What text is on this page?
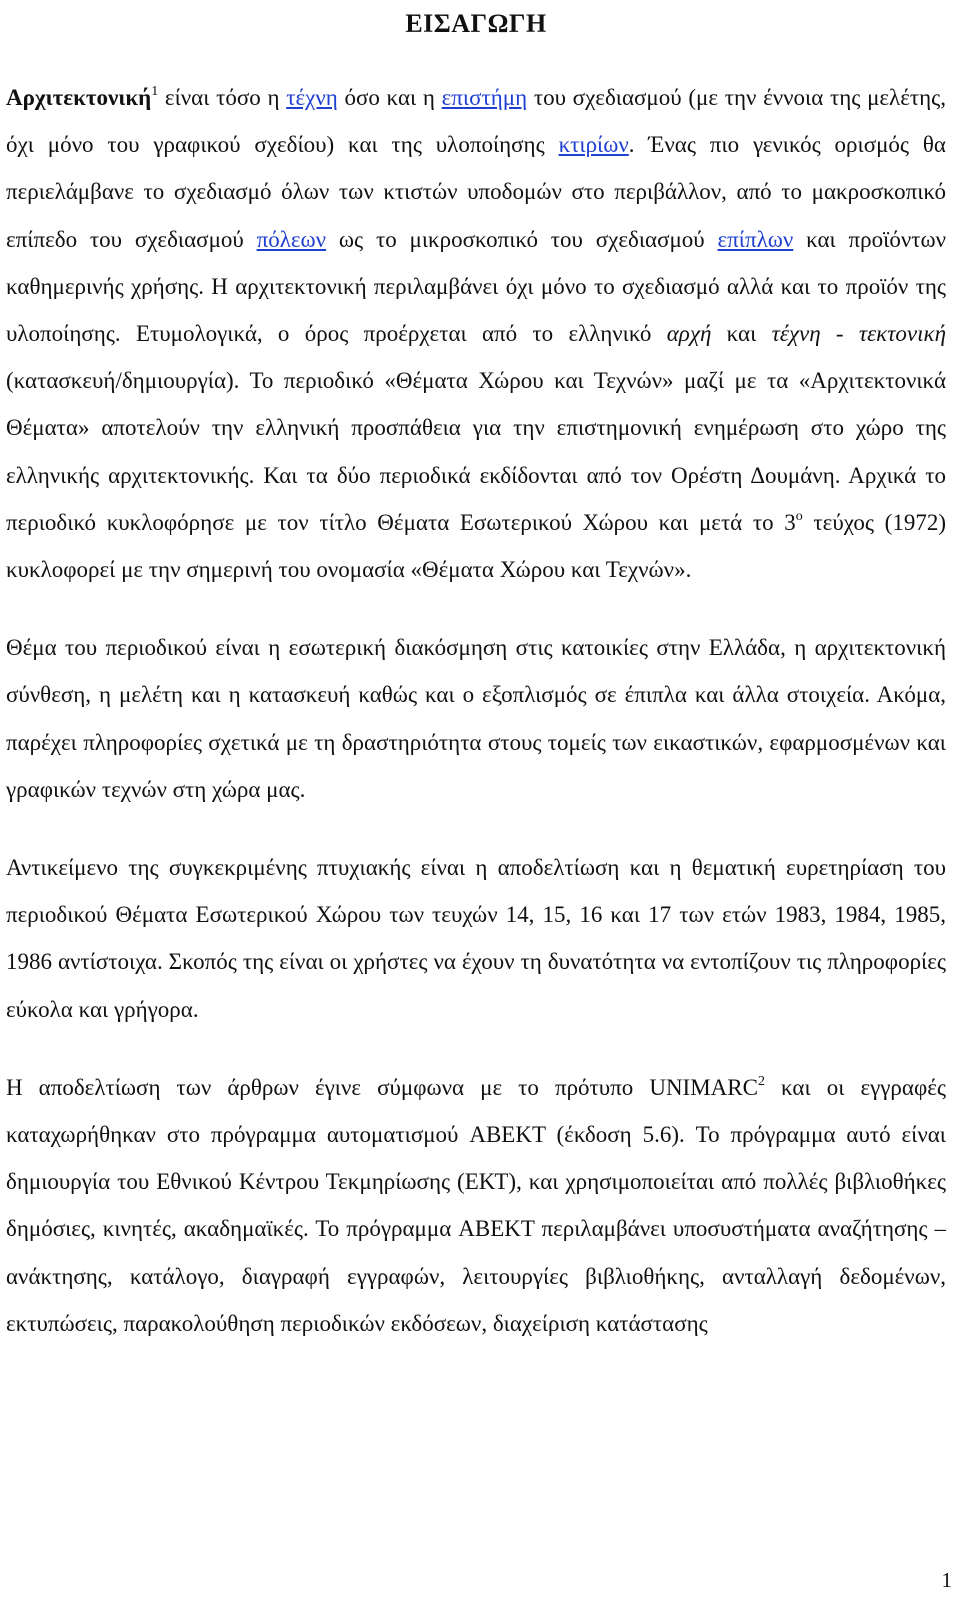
ΕΙΣΑΓΩΓΗ

Αρχιτεκτονική$^1$ είναι τόσο η τέχνη όσο και η επιστήμη του σχεδιασμού (με την έννοια της μελέτης, όχι μόνο του γραφικού σχεδίου) και της υλοποίησης κτιρίων. Ένας πιο γενικός ορισμός θα περιελάμβανε το σχεδιασμό όλων των κτιστών υποδομών στο περιβάλλον, από το μακροσκοπικό επίπεδο του σχεδιασμού πόλεων ως το μικροσκοπικό του σχεδιασμού επίπλων και προϊόντων καθημερινής χρήσης. Η αρχιτεκτονική περιλαμβάνει όχι μόνο το σχεδιασμό αλλά και το προϊόν της υλοποίησης. Ετυμολογικά, ο όρος προέρχεται από το ελληνικό αρχή και τέχνη - τεκτονική (κατασκευή/δημιουργία). Το περιοδικό «Θέματα Χώρου και Τεχνών» μαζί με τα «Αρχιτεκτονικά Θέματα» αποτελούν την ελληνική προσπάθεια για την επιστημονική ενημέρωση στο χώρο της ελληνικής αρχιτεκτονικής. Και τα δύο περιοδικά εκδίδονται από τον Ορέστη Δουμάνη. Αρχικά το περιοδικό κυκλοφόρησε με τον τίτλο Θέματα Εσωτερικού Χώρου και μετά το $3^o$ τεύχος (1972) κυκλοφορεί με την σημερινή του ονομασία «Θέματα Χώρου και Τεχνών».

Θέμα του περιοδικού είναι η εσωτερική διακόσμηση στις κατοικίες στην Ελλάδα, η αρχιτεκτονική σύνθεση, η μελέτη και η κατασκευή καθώς και ο εξοπλισμός σε έπιπλα και άλλα στοιχεία. Ακόμα, παρέχει πληροφορίες σχετικά με τη δραστηριότητα στους τομείς των εικαστικών, εφαρμοσμένων και γραφικών τεχνών στη χώρα μας.

Αντικείμενο της συγκεκριμένης πτυχιακής είναι η αποδελτίωση και η θεματική ευρετηρίαση του περιοδικού Θέματα Εσωτερικού Χώρου των τευχών 14, 15, 16 και 17 των ετών 1983, 1984, 1985, 1986 αντίστοιχα. Σκοπός της είναι οι χρήστες να έχουν τη δυνατότητα να εντοπίζουν τις πληροφορίες εύκολα και γρήγορα.

Η αποδελτίωση των άρθρων έγινε σύμφωνα με το πρότυπο UNIMARC$^2$ και οι εγγραφές καταχωρήθηκαν στο πρόγραμμα αυτοματισμού ABEKT (έκδοση 5.6). Το πρόγραμμα αυτό είναι δημιουργία του Εθνικού Κέντρου Τεκμηρίωσης (ΕΚΤ), και χρησιμοποιείται από πολλές βιβλιοθήκες δημόσιες, κινητές, ακαδημαϊκές. Το πρόγραμμα ABEKT περιλαμβάνει υποσυστήματα αναζήτησης – ανάκτησης, κατάλογο, διαγραφή εγγραφών, λειτουργίες βιβλιοθήκης, ανταλλαγή δεδομένων, εκτυπώσεις, παρακολούθηση περιοδικών εκδόσεων, διαχείριση κατάστασης

1
